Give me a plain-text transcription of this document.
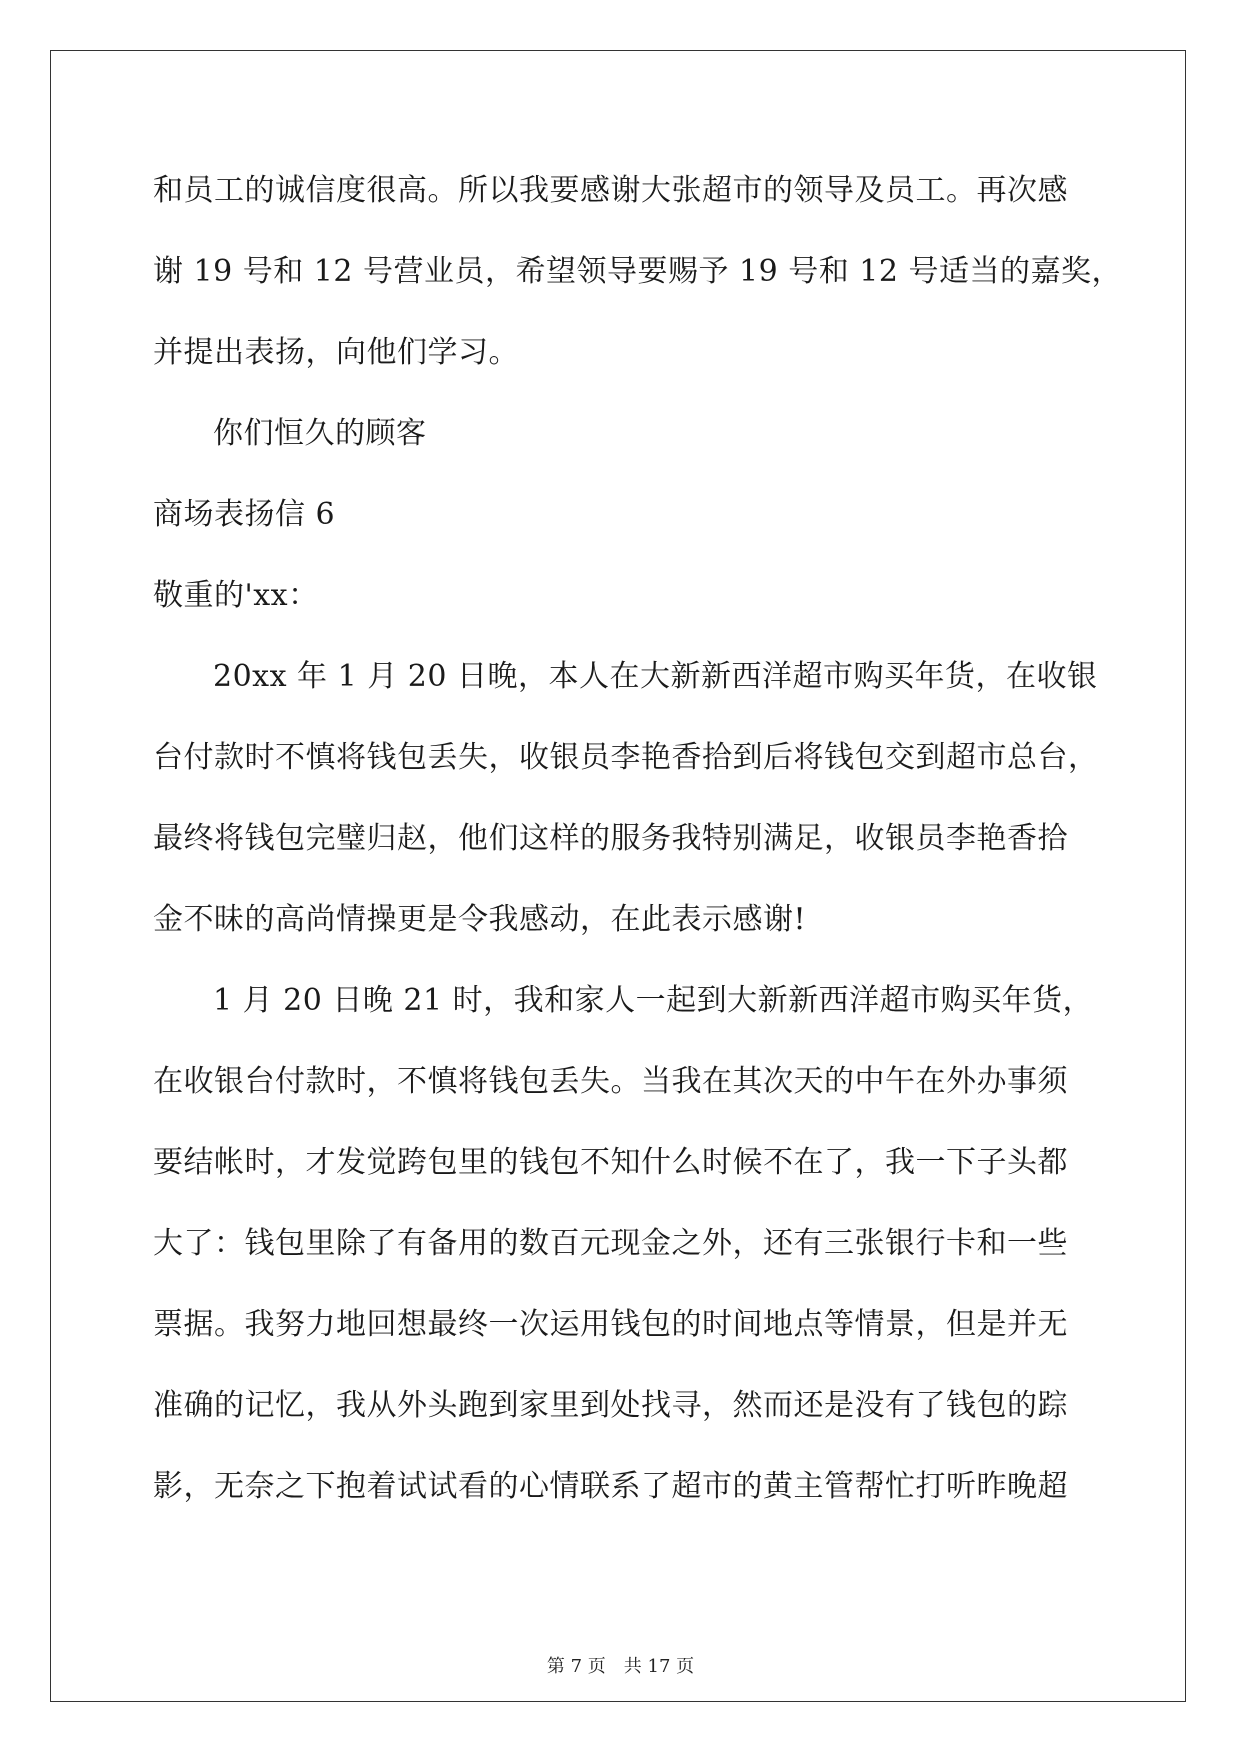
和员工的诚信度很高。所以我要感谢大张超市的领导及员工。再次感
谢 19 号和 12 号营业员，希望领导要赐予 19 号和 12 号适当的嘉奖，
并提出表扬，向他们学习。
你们恒久的顾客
商场表扬信 6
敬重的'xx：
20xx 年 1 月 20 日晚，本人在大新新西洋超市购买年货，在收银
台付款时不慎将钱包丢失，收银员李艳香拾到后将钱包交到超市总台，
最终将钱包完璧归赵，他们这样的服务我特别满足，收银员李艳香拾
金不昧的高尚情操更是令我感动，在此表示感谢!
1 月 20 日晚 21 时，我和家人一起到大新新西洋超市购买年货，
在收银台付款时，不慎将钱包丢失。当我在其次天的中午在外办事须
要结帐时，才发觉跨包里的钱包不知什么时候不在了，我一下子头都
大了：钱包里除了有备用的数百元现金之外，还有三张银行卡和一些
票据。我努力地回想最终一次运用钱包的时间地点等情景，但是并无
准确的记忆，我从外头跑到家里到处找寻，然而还是没有了钱包的踪
影，无奈之下抱着试试看的心情联系了超市的黄主管帮忙打听昨晚超
第 7 页 共 17 页
